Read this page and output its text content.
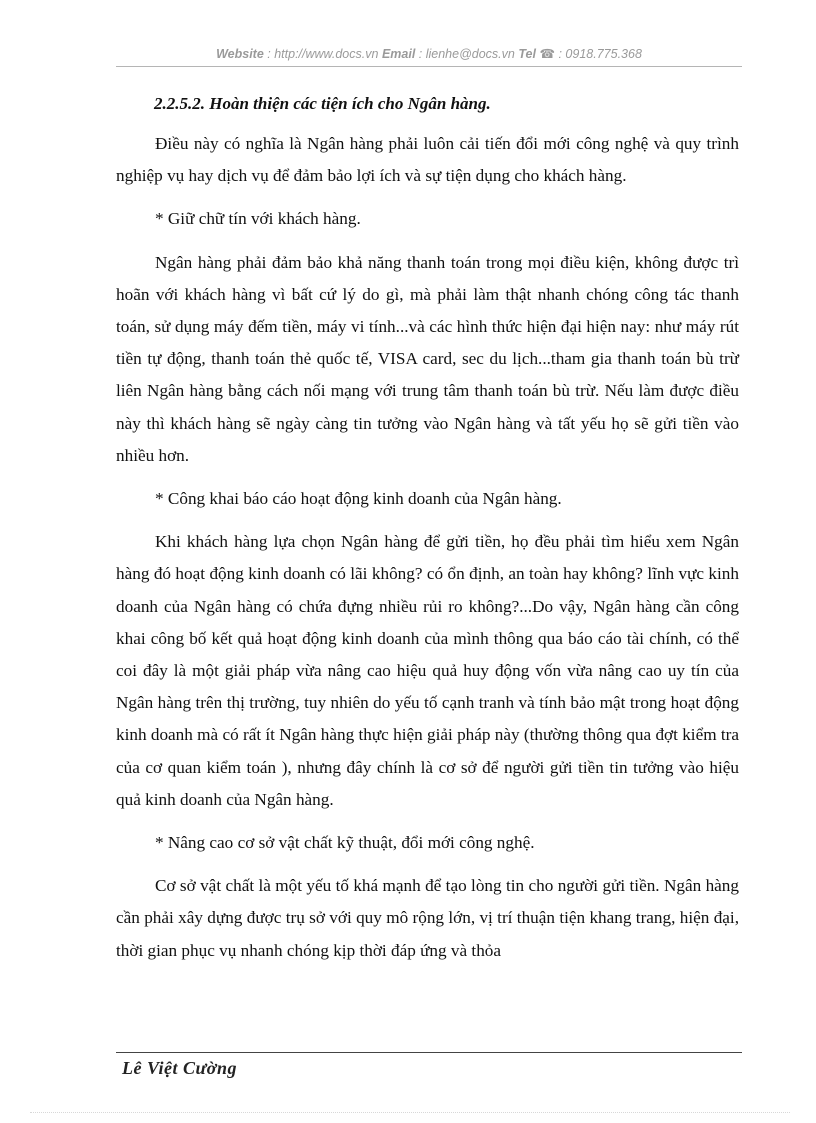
Website : http://www.docs.vn Email : lienhe@docs.vn Tel ☎ : 0918.775.368
2.2.5.2. Hoàn thiện các tiện ích cho Ngân hàng.

Điều này có nghĩa là Ngân hàng phải luôn cải tiến đổi mới công nghệ và quy trình nghiệp vụ hay dịch vụ để đảm bảo lợi ích và sự tiện dụng cho khách hàng.

* Giữ chữ tín với khách hàng.

Ngân hàng phải đảm bảo khả năng thanh toán trong mọi điều kiện, không được trì hoãn với khách hàng vì bất cứ lý do gì, mà phải làm thật nhanh chóng công tác thanh toán, sử dụng máy đếm tiền, máy vi tính...và các hình thức hiện đại hiện nay: như máy rút tiền tự động, thanh toán thẻ quốc tế, VISA card, sec du lịch...tham gia thanh toán bù trừ liên Ngân hàng bằng cách nối mạng với trung tâm thanh toán bù trừ. Nếu làm được điều này thì khách hàng sẽ ngày càng tin tưởng vào Ngân hàng và tất yếu họ sẽ gửi tiền vào nhiều hơn.

* Công khai báo cáo hoạt động kinh doanh của Ngân hàng.

Khi khách hàng lựa chọn Ngân hàng để gửi tiền, họ đều phải tìm hiểu xem Ngân hàng đó hoạt động kinh doanh có lãi không? có ổn định, an toàn hay không? lĩnh vực kinh doanh của Ngân hàng có chứa đựng nhiều rủi ro không?...Do vậy, Ngân hàng cần công khai công bố kết quả hoạt động kinh doanh của mình thông qua báo cáo tài chính, có thể coi đây là một giải pháp vừa nâng cao hiệu quả huy động vốn vừa nâng cao uy tín của Ngân hàng trên thị trường, tuy nhiên do yếu tố cạnh tranh và tính bảo mật trong hoạt động kinh doanh mà có rất ít Ngân hàng thực hiện giải pháp này (thường thông qua đợt kiểm tra của cơ quan kiểm toán ), nhưng đây chính là cơ sở để người gửi tiền tin tưởng vào hiệu quả kinh doanh của Ngân hàng.

* Nâng cao cơ sở vật chất kỹ thuật, đổi mới công nghệ.

Cơ sở vật chất là một yếu tố khá mạnh để tạo lòng tin cho người gửi tiền. Ngân hàng cần phải xây dựng được trụ sở với quy mô rộng lớn, vị trí thuận tiện khang trang, hiện đại, thời gian phục vụ nhanh chóng kịp thời đáp ứng và thỏa

Lê Việt Cường
